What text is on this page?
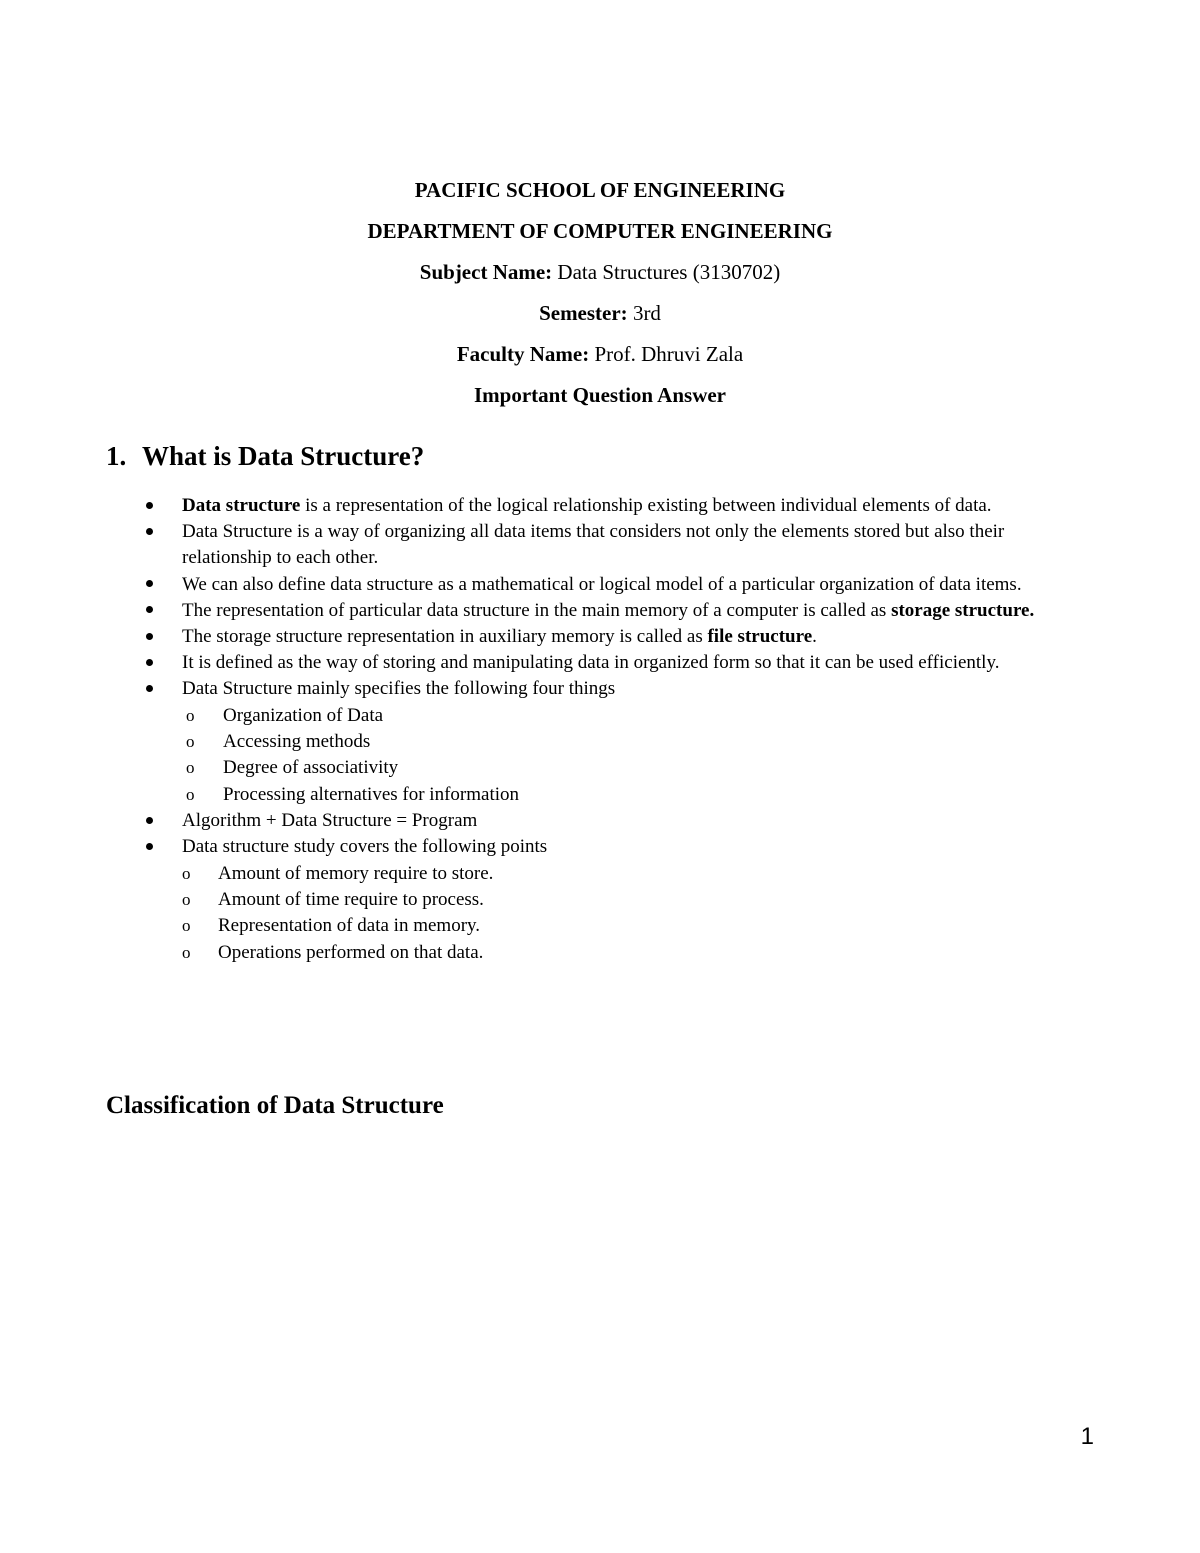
PACIFIC SCHOOL OF ENGINEERING
DEPARTMENT OF COMPUTER ENGINEERING
Subject Name: Data Structures (3130702)
Semester: 3rd
Faculty Name: Prof. Dhruvi Zala
Important Question Answer
1. What is Data Structure?
Data structure is a representation of the logical relationship existing between individual elements of data.
Data Structure is a way of organizing all data items that considers not only the elements stored but also their relationship to each other.
We can also define data structure as a mathematical or logical model of a particular organization of data items.
The representation of particular data structure in the main memory of a computer is called as storage structure.
The storage structure representation in auxiliary memory is called as file structure.
It is defined as the way of storing and manipulating data in organized form so that it can be used efficiently.
Data Structure mainly specifies the following four things
o Organization of Data
o Accessing methods
o Degree of associativity
o Processing alternatives for information
Algorithm + Data Structure = Program
Data structure study covers the following points
o Amount of memory require to store.
o Amount of time require to process.
o Representation of data in memory.
o Operations performed on that data.
Classification of Data Structure
1
